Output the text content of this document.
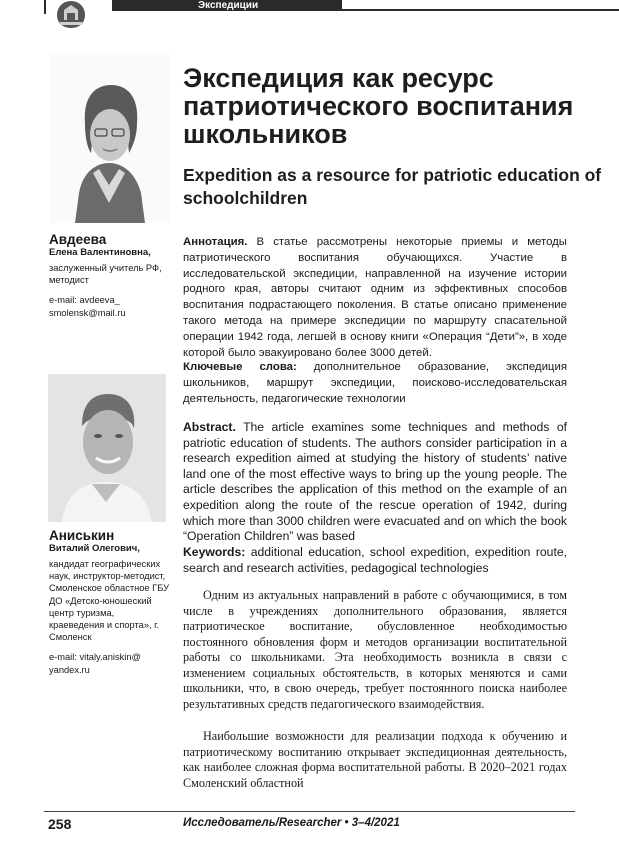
Экспедиции
Экспедиция как ресурс патриотического воспитания школьников
Expedition as a resource for patriotic education of schoolchildren
Авдеева
Елена Валентиновна,
заслуженный учитель РФ, методист
e-mail: avdeeva_ smolensk@mail.ru
Аниськин
Виталий Олегович,
кандидат географических наук, инструктор-методист, Смоленское областное ГБУ ДО «Детско-юношеский центр туризма, краеведения и спорта», г. Смоленск
e-mail: vitaly.aniskin@ yandex.ru

Аннотация. В статье рассмотрены некоторые приемы и методы патриотического воспитания обучающихся. Участие в исследовательской экспедиции, направленной на изучение истории родного края, авторы считают одним из эффективных способов воспитания подрастающего поколения. В статье описано применение такого метода на примере экспедиции по маршруту спасательной операции 1942 года, легшей в основу книги «Операция “Дети”», в ходе которой было эвакуировано более 3000 детей.

Ключевые слова: дополнительное образование, экспедиция школьников, маршрут экспедиции, поисково-исследовательская деятельность, педагогические технологии

Abstract. The article examines some techniques and methods of patriotic education of students. The authors consider participation in a research expedition aimed at studying the history of students’ native land one of the most effective ways to bring up the young people. The article describes the application of this method on the example of an expedition along the route of the rescue operation of 1942, during which more than 3000 children were evacuated and on which the book “Operation Children” was based

Keywords: additional education, school expedition, expedition route, search and research activities, pedagogical technologies

Одним из актуальных направлений в работе с обучающимися, в том числе в учреждениях дополнительного образования, является патриотическое воспитание, обусловленное необходимостью постоянного обновления форм и методов организации воспитательной работы со школьниками. Эта необходимость возникла в связи с изменением социальных обстоятельств, в которых меняются и сами школьники, что, в свою очередь, требует постоянного поиска наиболее результативных средств педагогического взаимодействия.

Наибольшие возможности для реализации подхода к обучению и патриотическому воспитанию открывает экспедиционная деятельность, как наиболее сложная форма воспитательной работы. В 2020–2021 годах Смоленский областной

258	Исследователь/Researcher • 3–4/2021
